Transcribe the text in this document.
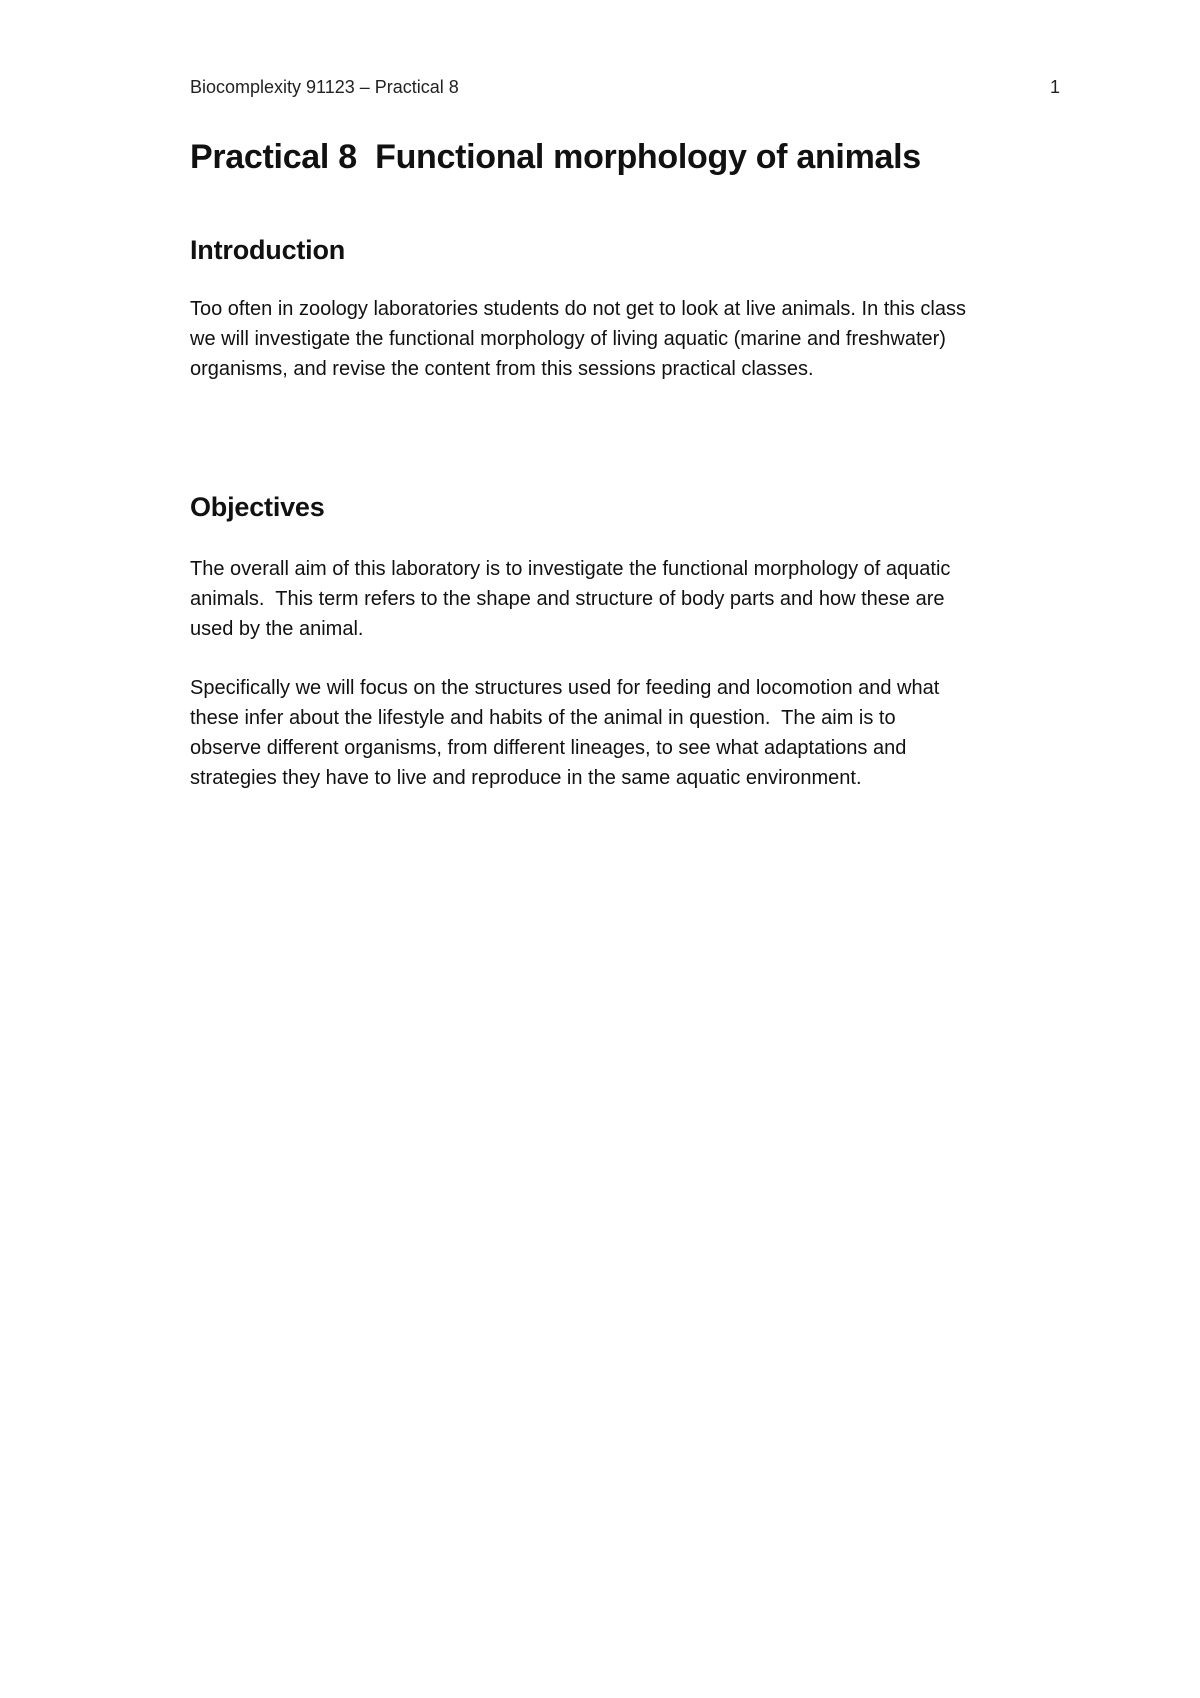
Biocomplexity 91123 – Practical 8	1
Practical 8  Functional morphology of animals
Introduction

Too often in zoology laboratories students do not get to look at live animals. In this class
we will investigate the functional morphology of living aquatic (marine and freshwater)
organisms, and revise the content from this sessions practical classes.

Objectives

The overall aim of this laboratory is to investigate the functional morphology of aquatic
animals.  This term refers to the shape and structure of body parts and how these are
used by the animal.

Specifically we will focus on the structures used for feeding and locomotion and what
these infer about the lifestyle and habits of the animal in question.  The aim is to
observe different organisms, from different lineages, to see what adaptations and
strategies they have to live and reproduce in the same aquatic environment.
